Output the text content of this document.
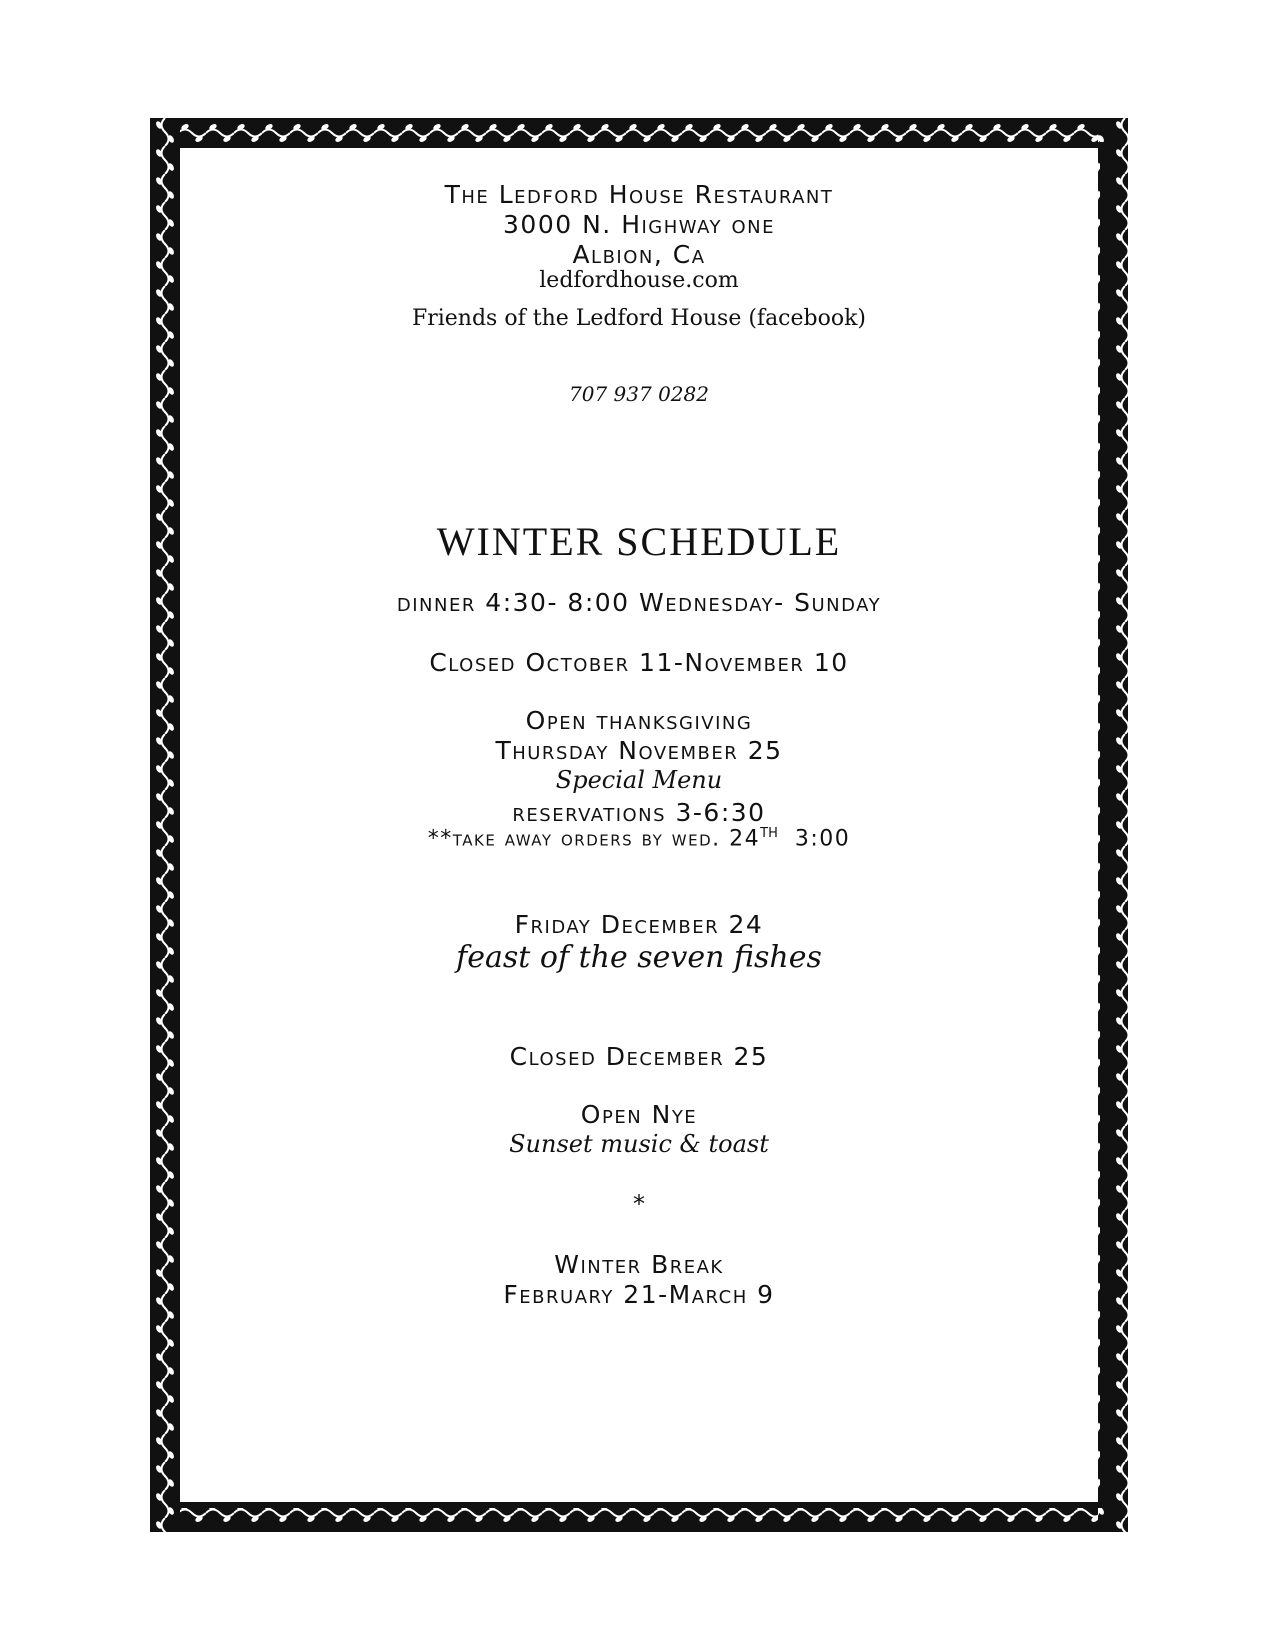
The Ledford House Restaurant
3000 N. Highway one
Albion, Ca
ledfordhouse.com
Friends of the Ledford House (facebook)
707 937 0282
WINTER SCHEDULE
dinner 4:30- 8:00 Wednesday- Sunday
Closed October 11-November 10
Open thanksgiving
Thursday November 25
Special Menu
reservations 3-6:30
**take away orders by wed. 24TH  3:00
Friday December 24
feast of the seven fishes
Closed December 25
Open Nye
Sunset music & toast
*
Winter Break
February 21-March 9
